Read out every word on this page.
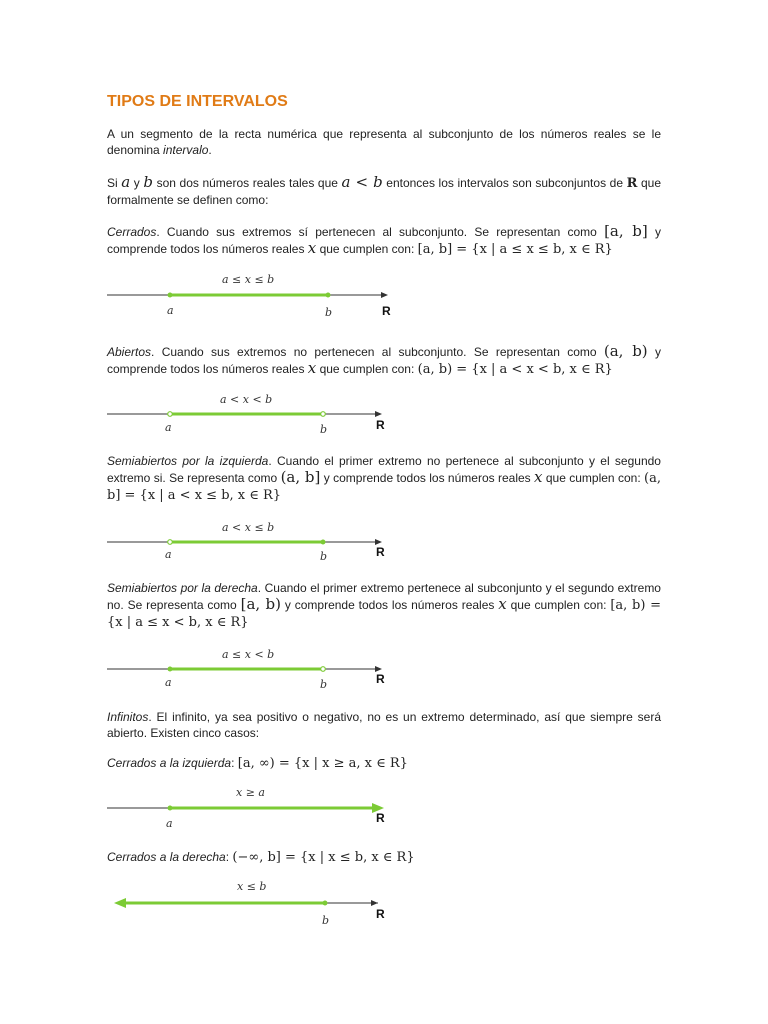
TIPOS DE INTERVALOS
A un segmento de la recta numérica que representa al subconjunto de los números reales se le denomina intervalo.
Si a y b son dos números reales tales que a < b entonces los intervalos son subconjuntos de R que formalmente se definen como:
Cerrados. Cuando sus extremos sí pertenecen al subconjunto. Se representan como [a, b] y comprende todos los números reales x que cumplen con: [a, b] = {x | a ≤ x ≤ b, x ∈ R}
Abiertos. Cuando sus extremos no pertenecen al subconjunto. Se representan como (a, b) y comprende todos los números reales x que cumplen con: (a, b) = {x | a < x < b, x ∈ R}
Semiabiertos por la izquierda. Cuando el primer extremo no pertenece al subconjunto y el segundo extremo si. Se representa como (a, b] y comprende todos los números reales x que cumplen con: (a, b] = {x | a < x ≤ b, x ∈ R}
Semiabiertos por la derecha. Cuando el primer extremo pertenece al subconjunto y el segundo extremo no. Se representa como [a, b) y comprende todos los números reales x que cumplen con: [a, b) = {x | a ≤ x < b, x ∈ R}
Infinitos. El infinito, ya sea positivo o negativo, no es un extremo determinado, así que siempre será abierto. Existen cinco casos:
Cerrados a la izquierda: [a, ∞) = {x | x ≥ a, x ∈ R}
Cerrados a la derecha: (−∞, b] = {x | x ≤ b, x ∈ R}
a ≤ x ≤ b
a	b	R
a < x < b
a	b	R
a < x ≤ b
a	b	R
a ≤ x < b
a	b	R
x ≥ a
a	R
x ≤ b
b	R
